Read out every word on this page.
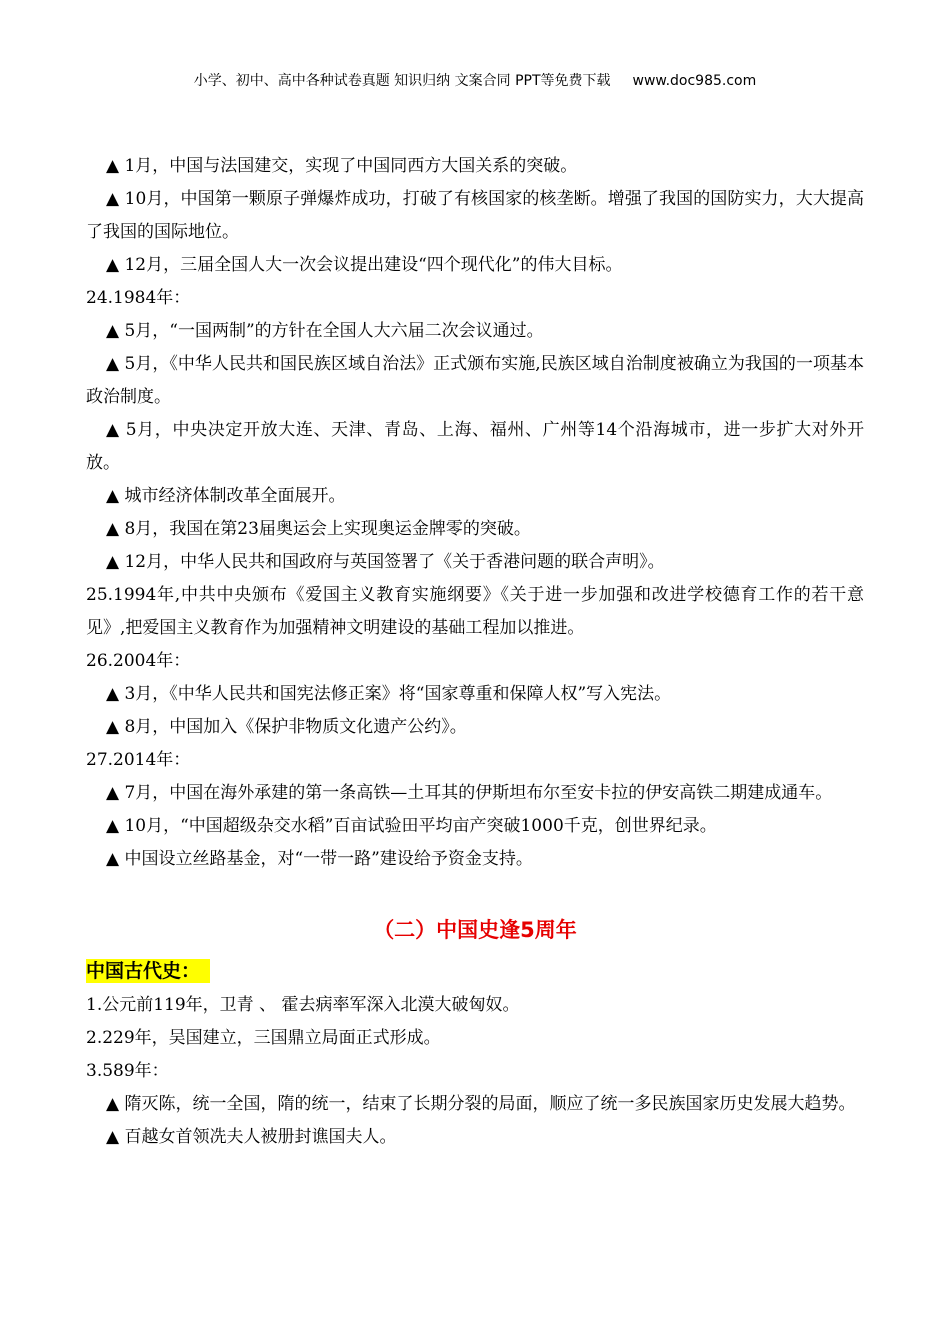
小学、初中、高中各种试卷真题 知识归纳 文案合同 PPT等免费下载 www.doc985.com

▲ 1月，中国与法国建交，实现了中国同西方大国关系的突破。

▲ 10月，中国第一颗原子弹爆炸成功，打破了有核国家的核垄断。增强了我国的国防实力，大大提高了我国的国际地位。

▲ 12月，三届全国人大一次会议提出建设“四个现代化”的伟大目标。

24.1984年：

▲ 5月，“一国两制”的方针在全国人大六届二次会议通过。

▲ 5月，《中华人民共和国民族区域自治法》正式颁布实施,民族区域自治制度被确立为我国的一项基本政治制度。

▲ 5月，中央决定开放大连、天津、青岛、上海、福州、广州等14个沿海城市，进一步扩大对外开放。

▲ 城市经济体制改革全面展开。

▲ 8月，我国在第23届奥运会上实现奥运金牌零的突破。

▲ 12月，中华人民共和国政府与英国签署了《关于香港问题的联合声明》。

25.1994年,中共中央颁布《爱国主义教育实施纲要》《关于进一步加强和改进学校德育工作的若干意见》,把爱国主义教育作为加强精神文明建设的基础工程加以推进。

26.2004年：

▲ 3月，《中华人民共和国宪法修正案》将“国家尊重和保障人权”写入宪法。

▲ 8月，中国加入《保护非物质文化遗产公约》。

27.2014年：

▲ 7月，中国在海外承建的第一条高铁—土耳其的伊斯坦布尔至安卡拉的伊安高铁二期建成通车。

▲ 10月，“中国超级杂交水稻”百亩试验田平均亩产突破1000千克，创世界纪录。

▲ 中国设立丝路基金，对“一带一路”建设给予资金支持。

（二）中国史逢5周年

中国古代史：

1.公元前119年，卫青 、 霍去病率军深入北漠大破匈奴。

2.229年，吴国建立，三国鼎立局面正式形成。

3.589年：

▲ 隋灭陈，统一全国，隋的统一，结束了长期分裂的局面，顺应了统一多民族国家历史发展大趋势。

▲ 百越女首领冼夫人被册封谯国夫人。
